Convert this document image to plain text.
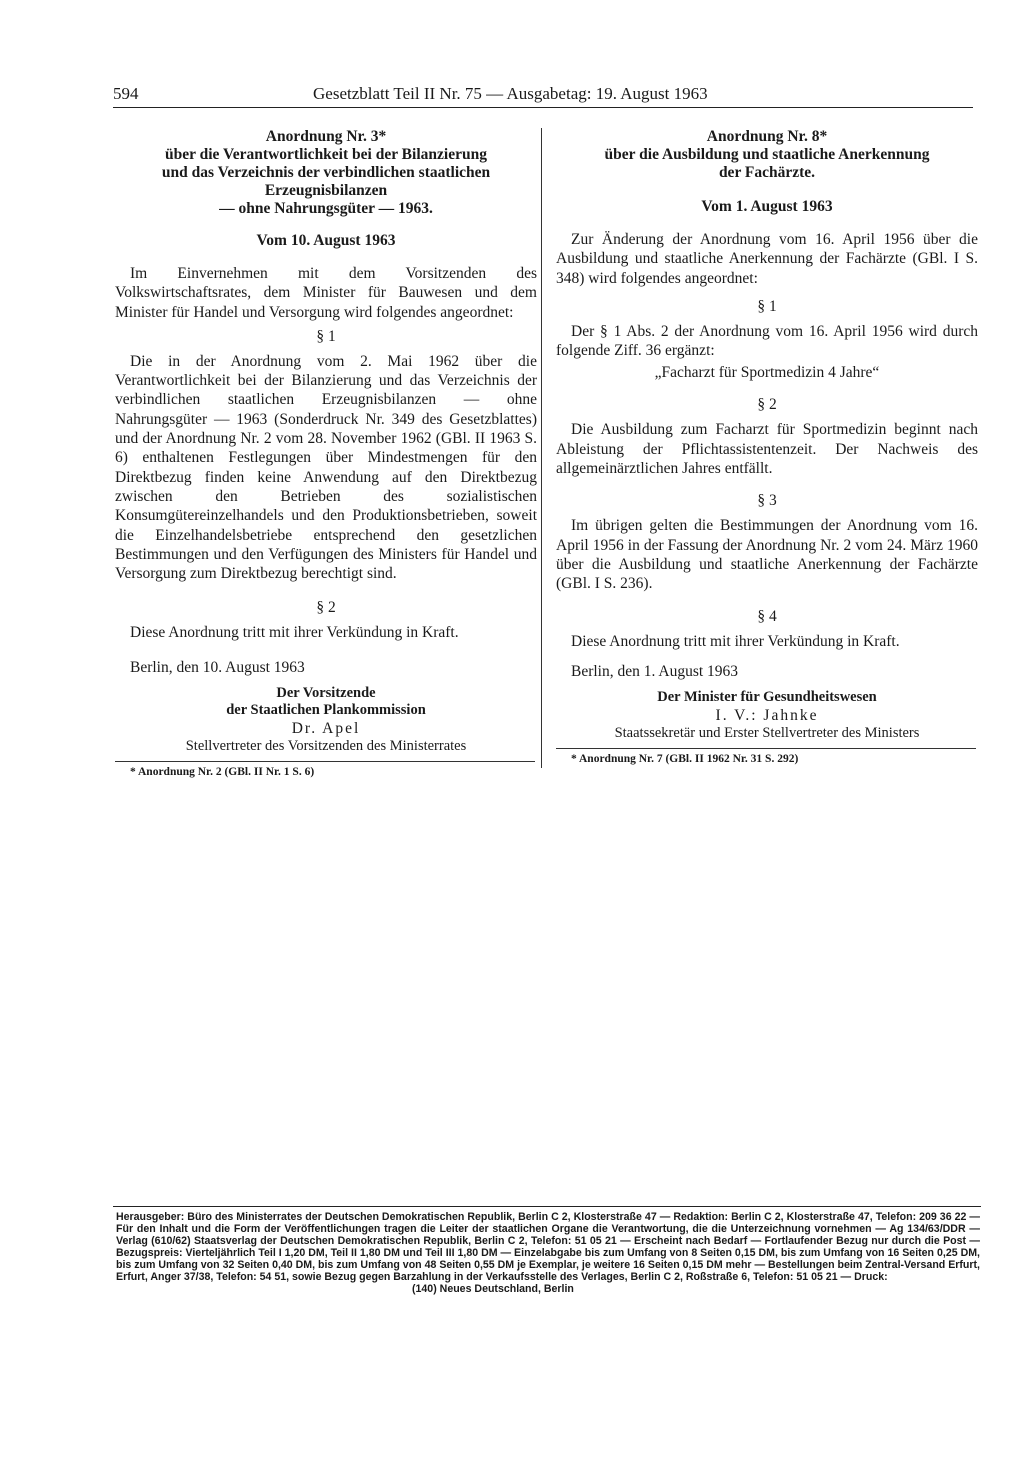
594	Gesetzblatt Teil II Nr. 75 — Ausgabetag: 19. August 1963
Anordnung Nr. 3*
über die Verantwortlichkeit bei der Bilanzierung
und das Verzeichnis der verbindlichen staatlichen
Erzeugnisbilanzen
— ohne Nahrungsgüter — 1963.
Vom 10. August 1963

Im Einvernehmen mit dem Vorsitzenden des Volkswirtschaftsrates, dem Minister für Bauwesen und dem Minister für Handel und Versorgung wird folgendes angeordnet:

§ 1

Die in der Anordnung vom 2. Mai 1962 über die Verantwortlichkeit bei der Bilanzierung und das Verzeichnis der verbindlichen staatlichen Erzeugnisbilanzen — ohne Nahrungsgüter — 1963 (Sonderdruck Nr. 349 des Gesetzblattes) und der Anordnung Nr. 2 vom 28. November 1962 (GBl. II 1963 S. 6) enthaltenen Festlegungen über Mindestmengen für den Direktbezug finden keine Anwendung auf den Direktbezug zwischen den Betrieben des sozialistischen Konsumgütereinzelhandels und den Produktionsbetrieben, soweit die Einzelhandelsbetriebe entsprechend den gesetzlichen Bestimmungen und den Verfügungen des Ministers für Handel und Versorgung zum Direktbezug berechtigt sind.

§ 2

Diese Anordnung tritt mit ihrer Verkündung in Kraft.

Berlin, den 10. August 1963
Der Vorsitzende
der Staatlichen Plankommission
Dr. Apel
Stellvertreter des Vorsitzenden des Ministerrates
* Anordnung Nr. 2 (GBl. II Nr. 1 S. 6)
Anordnung Nr. 8*
über die Ausbildung und staatliche Anerkennung
der Fachärzte.
Vom 1. August 1963

Zur Änderung der Anordnung vom 16. April 1956 über die Ausbildung und staatliche Anerkennung der Fachärzte (GBl. I S. 348) wird folgendes angeordnet:

§ 1

Der § 1 Abs. 2 der Anordnung vom 16. April 1956 wird durch folgende Ziff. 36 ergänzt:

„Facharzt für Sportmedizin 4 Jahre“
§ 2

Die Ausbildung zum Facharzt für Sportmedizin beginnt nach Ableistung der Pflichtassistentenzeit. Der Nachweis des allgemeinärztlichen Jahres entfällt.

§ 3

Im übrigen gelten die Bestimmungen der Anordnung vom 16. April 1956 in der Fassung der Anordnung Nr. 2 vom 24. März 1960 über die Ausbildung und staatliche Anerkennung der Fachärzte (GBl. I S. 236).

§ 4

Diese Anordnung tritt mit ihrer Verkündung in Kraft.

Berlin, den 1. August 1963
Der Minister für Gesundheitswesen
I. V.: Jahnke
Staatssekretär und Erster Stellvertreter des Ministers
* Anordnung Nr. 7 (GBl. II 1962 Nr. 31 S. 292)
Herausgeber: Büro des Ministerrates der Deutschen Demokratischen Republik, Berlin C 2, Klosterstraße 47 — Redaktion: Berlin C 2, Klosterstraße 47, Telefon: 209 36 22 — Für den Inhalt und die Form der Veröffentlichungen tragen die Leiter der staatlichen Organe die Verantwortung, die die Unterzeichnung vornehmen — Ag 134/63/DDR — Verlag (610/62) Staatsverlag der Deutschen Demokratischen Republik, Berlin C 2, Telefon: 51 05 21 — Erscheint nach Bedarf — Fortlaufender Bezug nur durch die Post — Bezugspreis: Vierteljährlich Teil I 1,20 DM, Teil II 1,80 DM und Teil III 1,80 DM — Einzelabgabe bis zum Umfang von 8 Seiten 0,15 DM, bis zum Umfang von 16 Seiten 0,25 DM, bis zum Umfang von 32 Seiten 0,40 DM, bis zum Umfang von 48 Seiten 0,55 DM je Exemplar, je weitere 16 Seiten 0,15 DM mehr — Bestellungen beim Zentral-Versand Erfurt, Erfurt, Anger 37/38, Telefon: 54 51, sowie Bezug gegen Barzahlung in der Verkaufsstelle des Verlages, Berlin C 2, Roßstraße 6, Telefon: 51 05 21 — Druck:
(140) Neues Deutschland, Berlin
